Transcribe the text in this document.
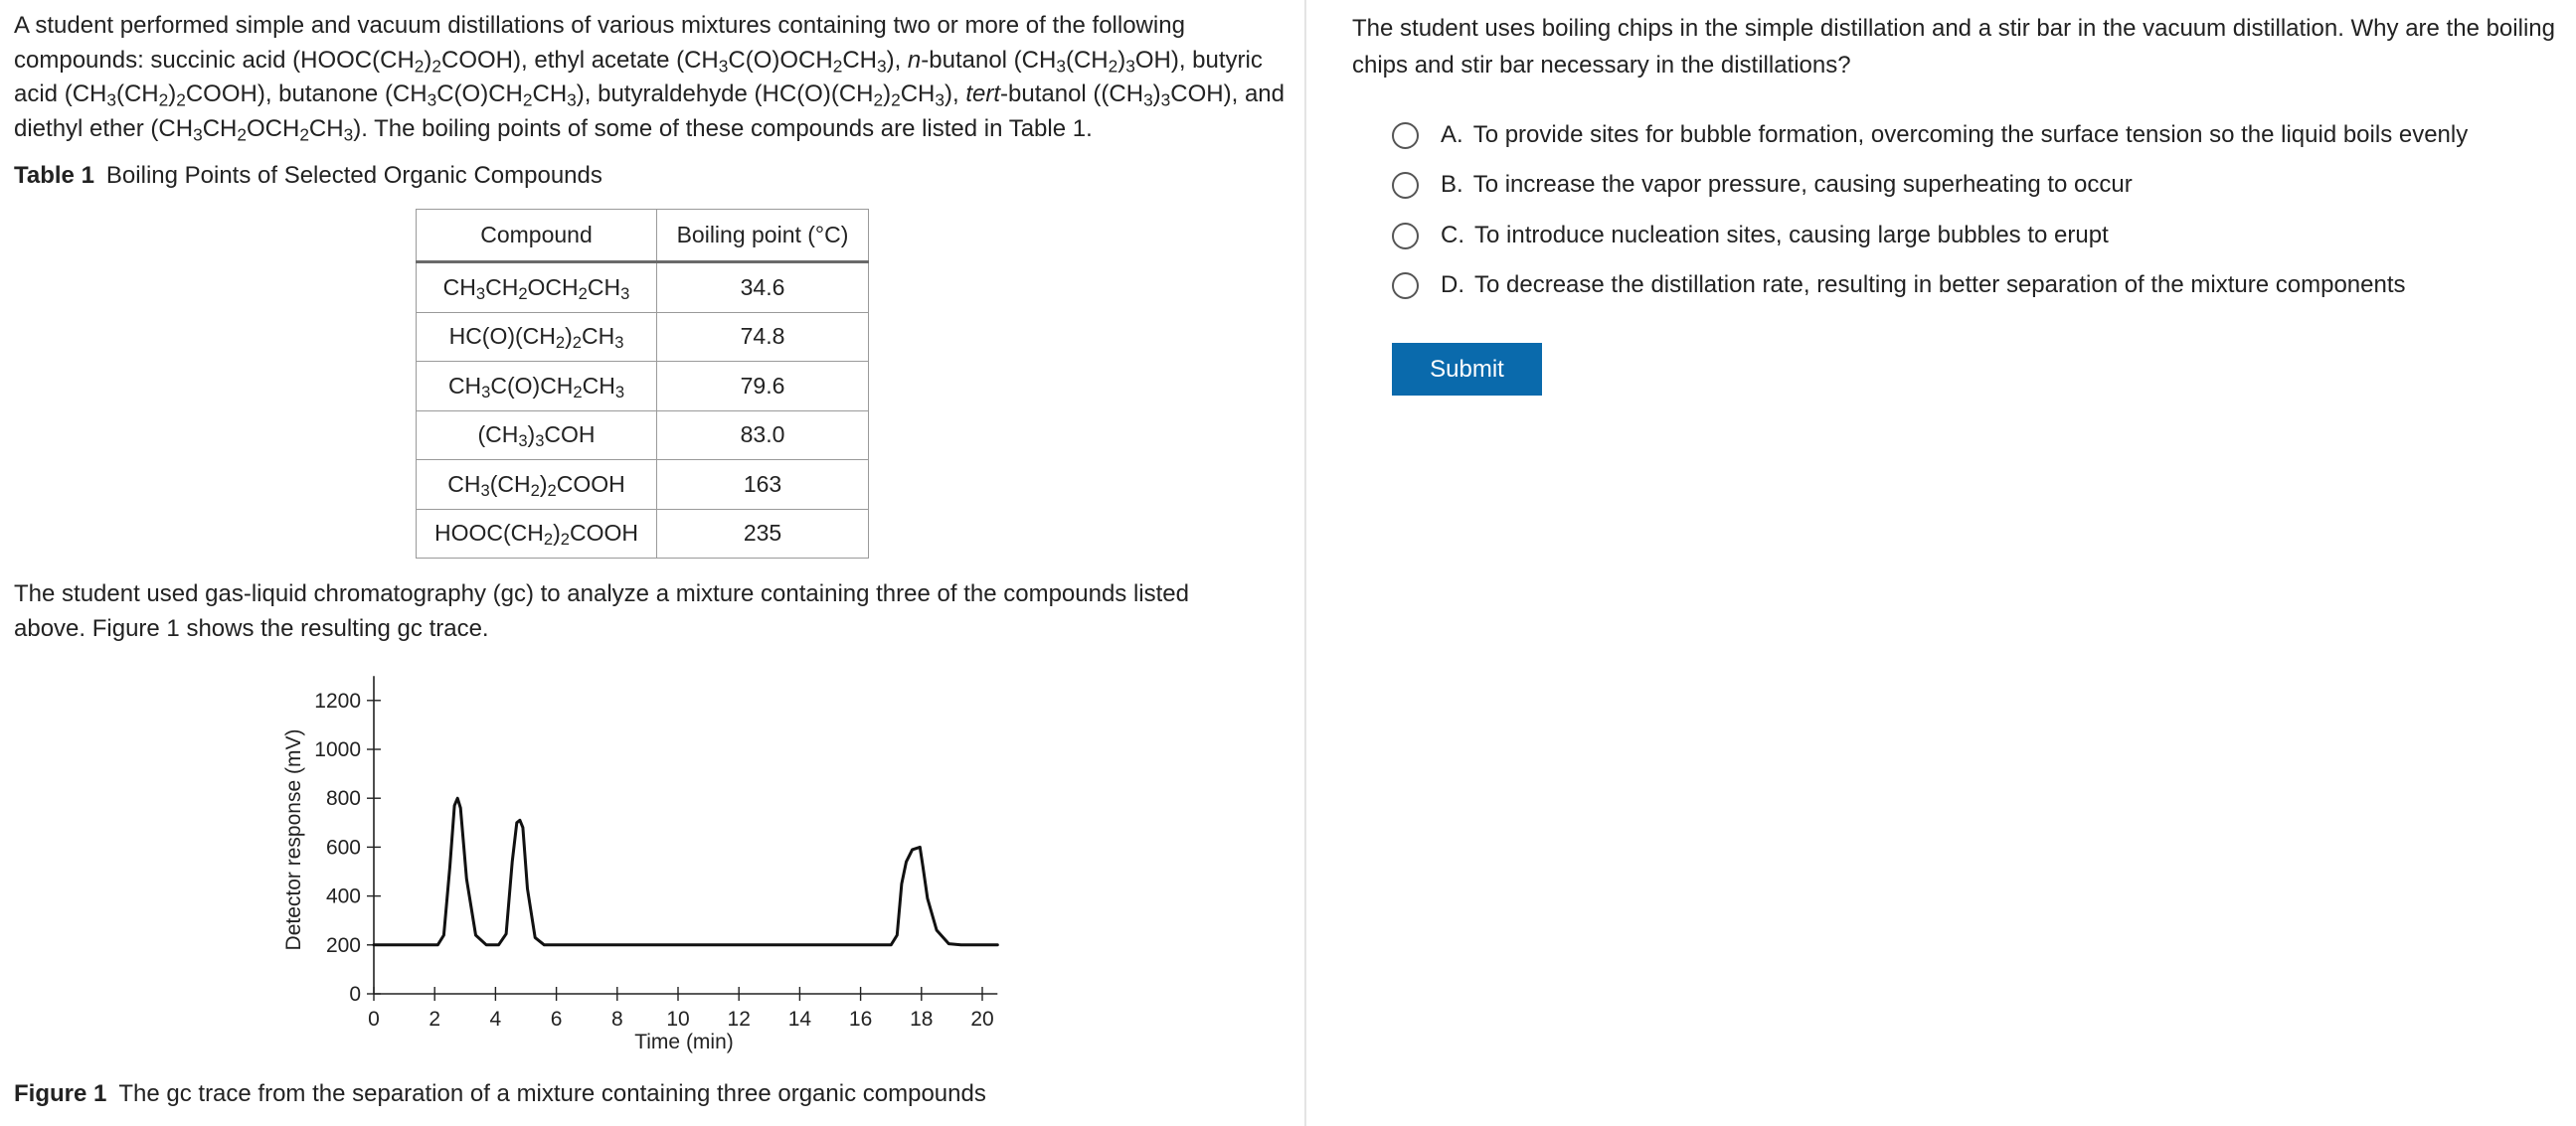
A student performed simple and vacuum distillations of various mixtures containing two or more of the following compounds: succinic acid $(HOOC(CH_2)_2COOH)$, ethyl acetate $(CH_3C(O)OCH_2CH_3)$, n-butanol $(CH_3(CH_2)_3OH)$, butyric acid $(CH_3(CH_2)_2COOH)$, butanone $(CH_3C(O)CH_2CH_3)$, butyraldehyde $(HC(O)(CH_2)_2CH_3)$, tert-butanol $((CH_3)_3COH)$, and diethyl ether $(CH_3CH_2OCH_2CH_3)$. The boiling points of some of these compounds are listed in Table 1.

Table 1 Boiling Points of Selected Organic Compounds

Compound	Boiling point (°C)
$CH_3CH_2OCH_2CH_3$	34.6
$HC(O)(CH_2)_2CH_3$	74.8
$CH_3C(O)CH_2CH_3$	79.6
$(CH_3)_3COH$	83.0
$CH_3(CH_2)_2COOH$	163
$HOOC(CH_2)_2COOH$	235

The student used gas-liquid chromatography (gc) to analyze a mixture containing three of the compounds listed above. Figure 1 shows the resulting gc trace.

0
200
400
600
800
1000
1200
0 2 4 6 8 10 12 14 16 18 20
Detector response (mV)
Time (min)

Figure 1 The gc trace from the separation of a mixture containing three organic compounds

The student uses boiling chips in the simple distillation and a stir bar in the vacuum distillation. Why are the boiling chips and stir bar necessary in the distillations?

A. To provide sites for bubble formation, overcoming the surface tension so the liquid boils evenly
B. To increase the vapor pressure, causing superheating to occur
C. To introduce nucleation sites, causing large bubbles to erupt
D. To decrease the distillation rate, resulting in better separation of the mixture components
Submit
